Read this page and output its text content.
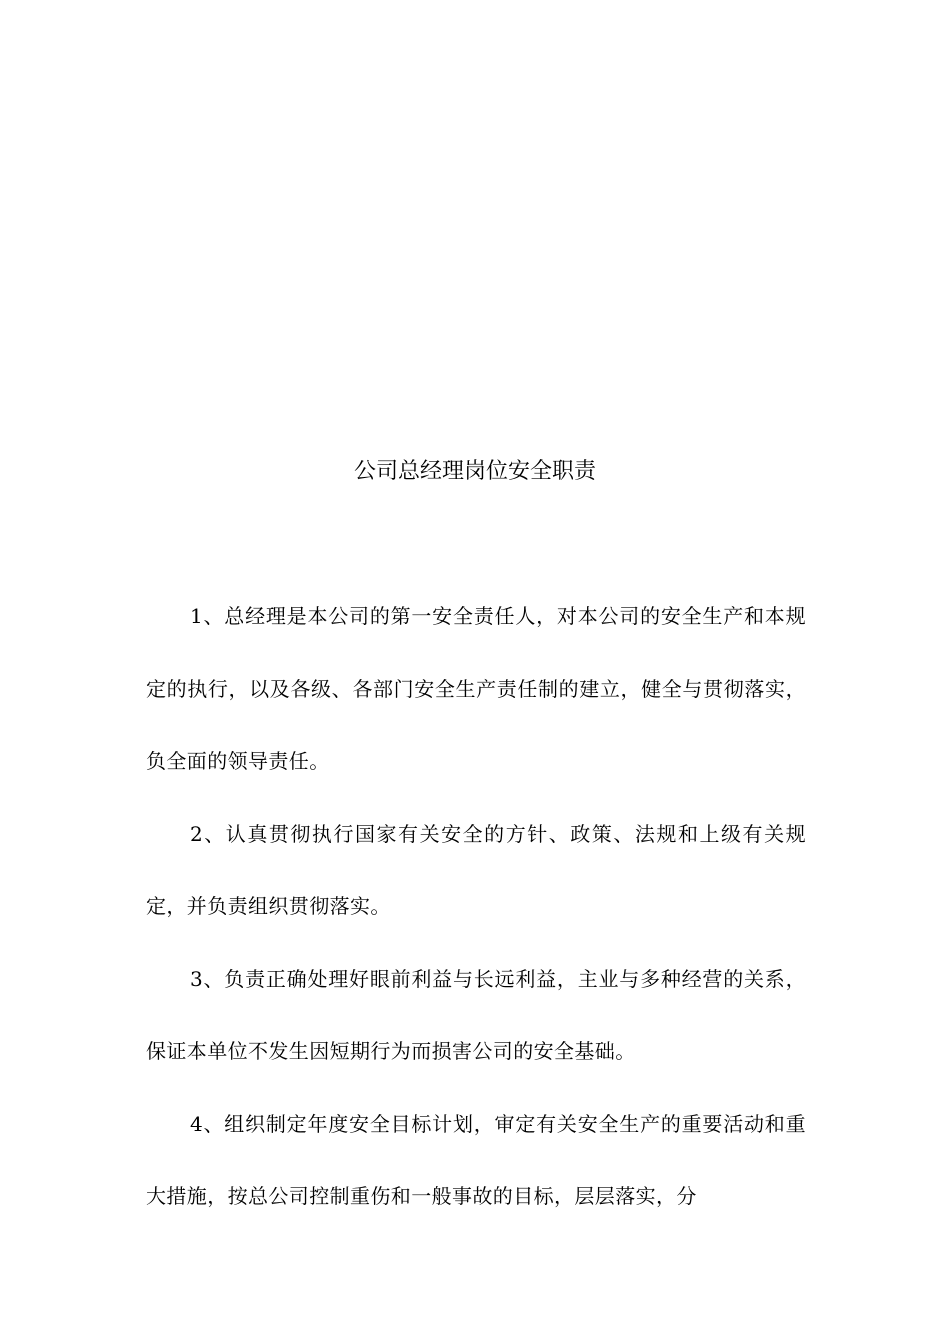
公司总经理岗位安全职责

1、总经理是本公司的第一安全责任人，对本公司的安全生产和本规定的执行，以及各级、各部门安全生产责任制的建立，健全与贯彻落实，负全面的领导责任。

2、认真贯彻执行国家有关安全的方针、政策、法规和上级有关规定，并负责组织贯彻落实。

3、负责正确处理好眼前利益与长远利益，主业与多种经营的关系，保证本单位不发生因短期行为而损害公司的安全基础。

4、组织制定年度安全目标计划，审定有关安全生产的重要活动和重大措施，按总公司控制重伤和一般事故的目标，层层落实，分
